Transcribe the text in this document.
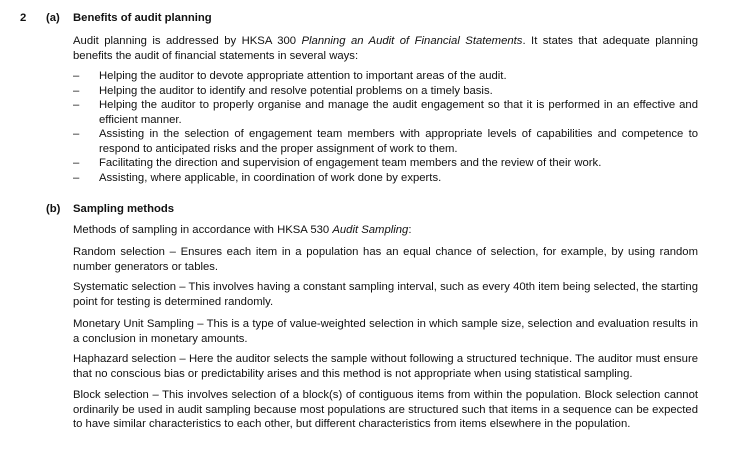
2 (a) Benefits of audit planning
Audit planning is addressed by HKSA 300 Planning an Audit of Financial Statements. It states that adequate planning benefits the audit of financial statements in several ways:
– Helping the auditor to devote appropriate attention to important areas of the audit.
– Helping the auditor to identify and resolve potential problems on a timely basis.
– Helping the auditor to properly organise and manage the audit engagement so that it is performed in an effective and efficient manner.
– Assisting in the selection of engagement team members with appropriate levels of capabilities and competence to respond to anticipated risks and the proper assignment of work to them.
– Facilitating the direction and supervision of engagement team members and the review of their work.
– Assisting, where applicable, in coordination of work done by experts.
(b) Sampling methods
Methods of sampling in accordance with HKSA 530 Audit Sampling:
Random selection – Ensures each item in a population has an equal chance of selection, for example, by using random number generators or tables.
Systematic selection – This involves having a constant sampling interval, such as every 40th item being selected, the starting point for testing is determined randomly.
Monetary Unit Sampling – This is a type of value-weighted selection in which sample size, selection and evaluation results in a conclusion in monetary amounts.
Haphazard selection – Here the auditor selects the sample without following a structured technique. The auditor must ensure that no conscious bias or predictability arises and this method is not appropriate when using statistical sampling.
Block selection – This involves selection of a block(s) of contiguous items from within the population. Block selection cannot ordinarily be used in audit sampling because most populations are structured such that items in a sequence can be expected to have similar characteristics to each other, but different characteristics from items elsewhere in the population.
